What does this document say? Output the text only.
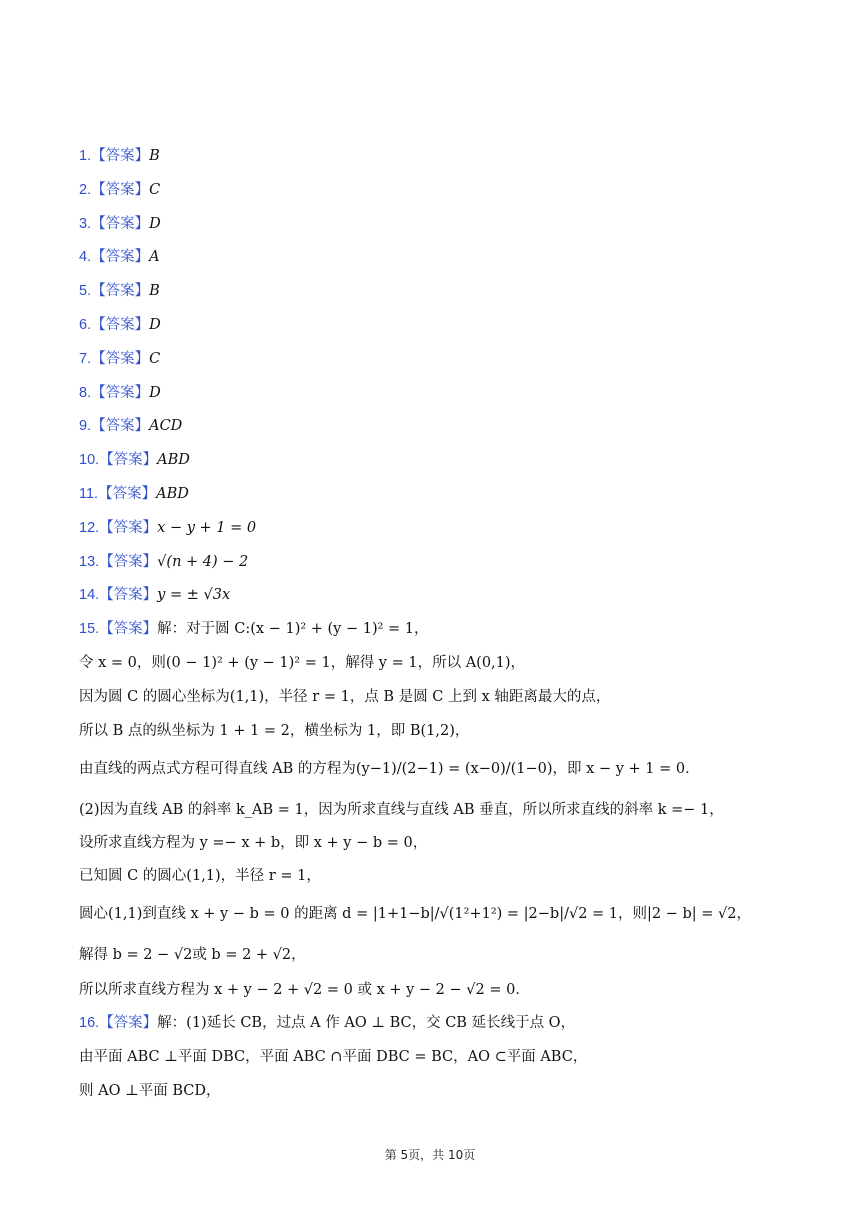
1.【答案】B
2.【答案】C
3.【答案】D
4.【答案】A
5.【答案】B
6.【答案】D
7.【答案】C
8.【答案】D
9.【答案】ACD
10.【答案】ABD
11.【答案】ABD
12.【答案】x − y + 1 = 0
13.【答案】√(n + 4) − 2
14.【答案】y = ± √3x
15.【答案】解：对于圆 C:(x − 1)² + (y − 1)² = 1，
令 x = 0，则(0 − 1)² + (y − 1)² = 1，解得 y = 1，所以 A(0,1)，
因为圆 C 的圆心坐标为(1,1)，半径 r = 1，点 B 是圆 C 上到 x 轴距离最大的点，
所以 B 点的纵坐标为 1 + 1 = 2，横坐标为 1，即 B(1,2)，
由直线的两点式方程可得直线 AB 的方程为(y−1)/(2−1) = (x−0)/(1−0)，即 x − y + 1 = 0．
(2)因为直线 AB 的斜率 k_AB = 1，因为所求直线与直线 AB 垂直，所以所求直线的斜率 k =− 1，
设所求直线方程为 y =− x + b，即 x + y − b = 0，
已知圆 C 的圆心(1,1)，半径 r = 1，
圆心(1,1)到直线 x + y − b = 0 的距离 d = |1+1−b|/√(1²+1²) = |2−b|/√2 = 1，则|2 − b| = √2，
解得 b = 2 − √2或 b = 2 + √2，
所以所求直线方程为 x + y − 2 + √2 = 0 或 x + y − 2 − √2 = 0．
16.【答案】解：(1)延长 CB，过点 A 作 AO ⊥ BC，交 CB 延长线于点 O，
由平面 ABC ⊥平面 DBC，平面 ABC ∩平面 DBC = BC，AO ⊂平面 ABC，
则 AO ⊥平面 BCD，
第 5页，共 10页
